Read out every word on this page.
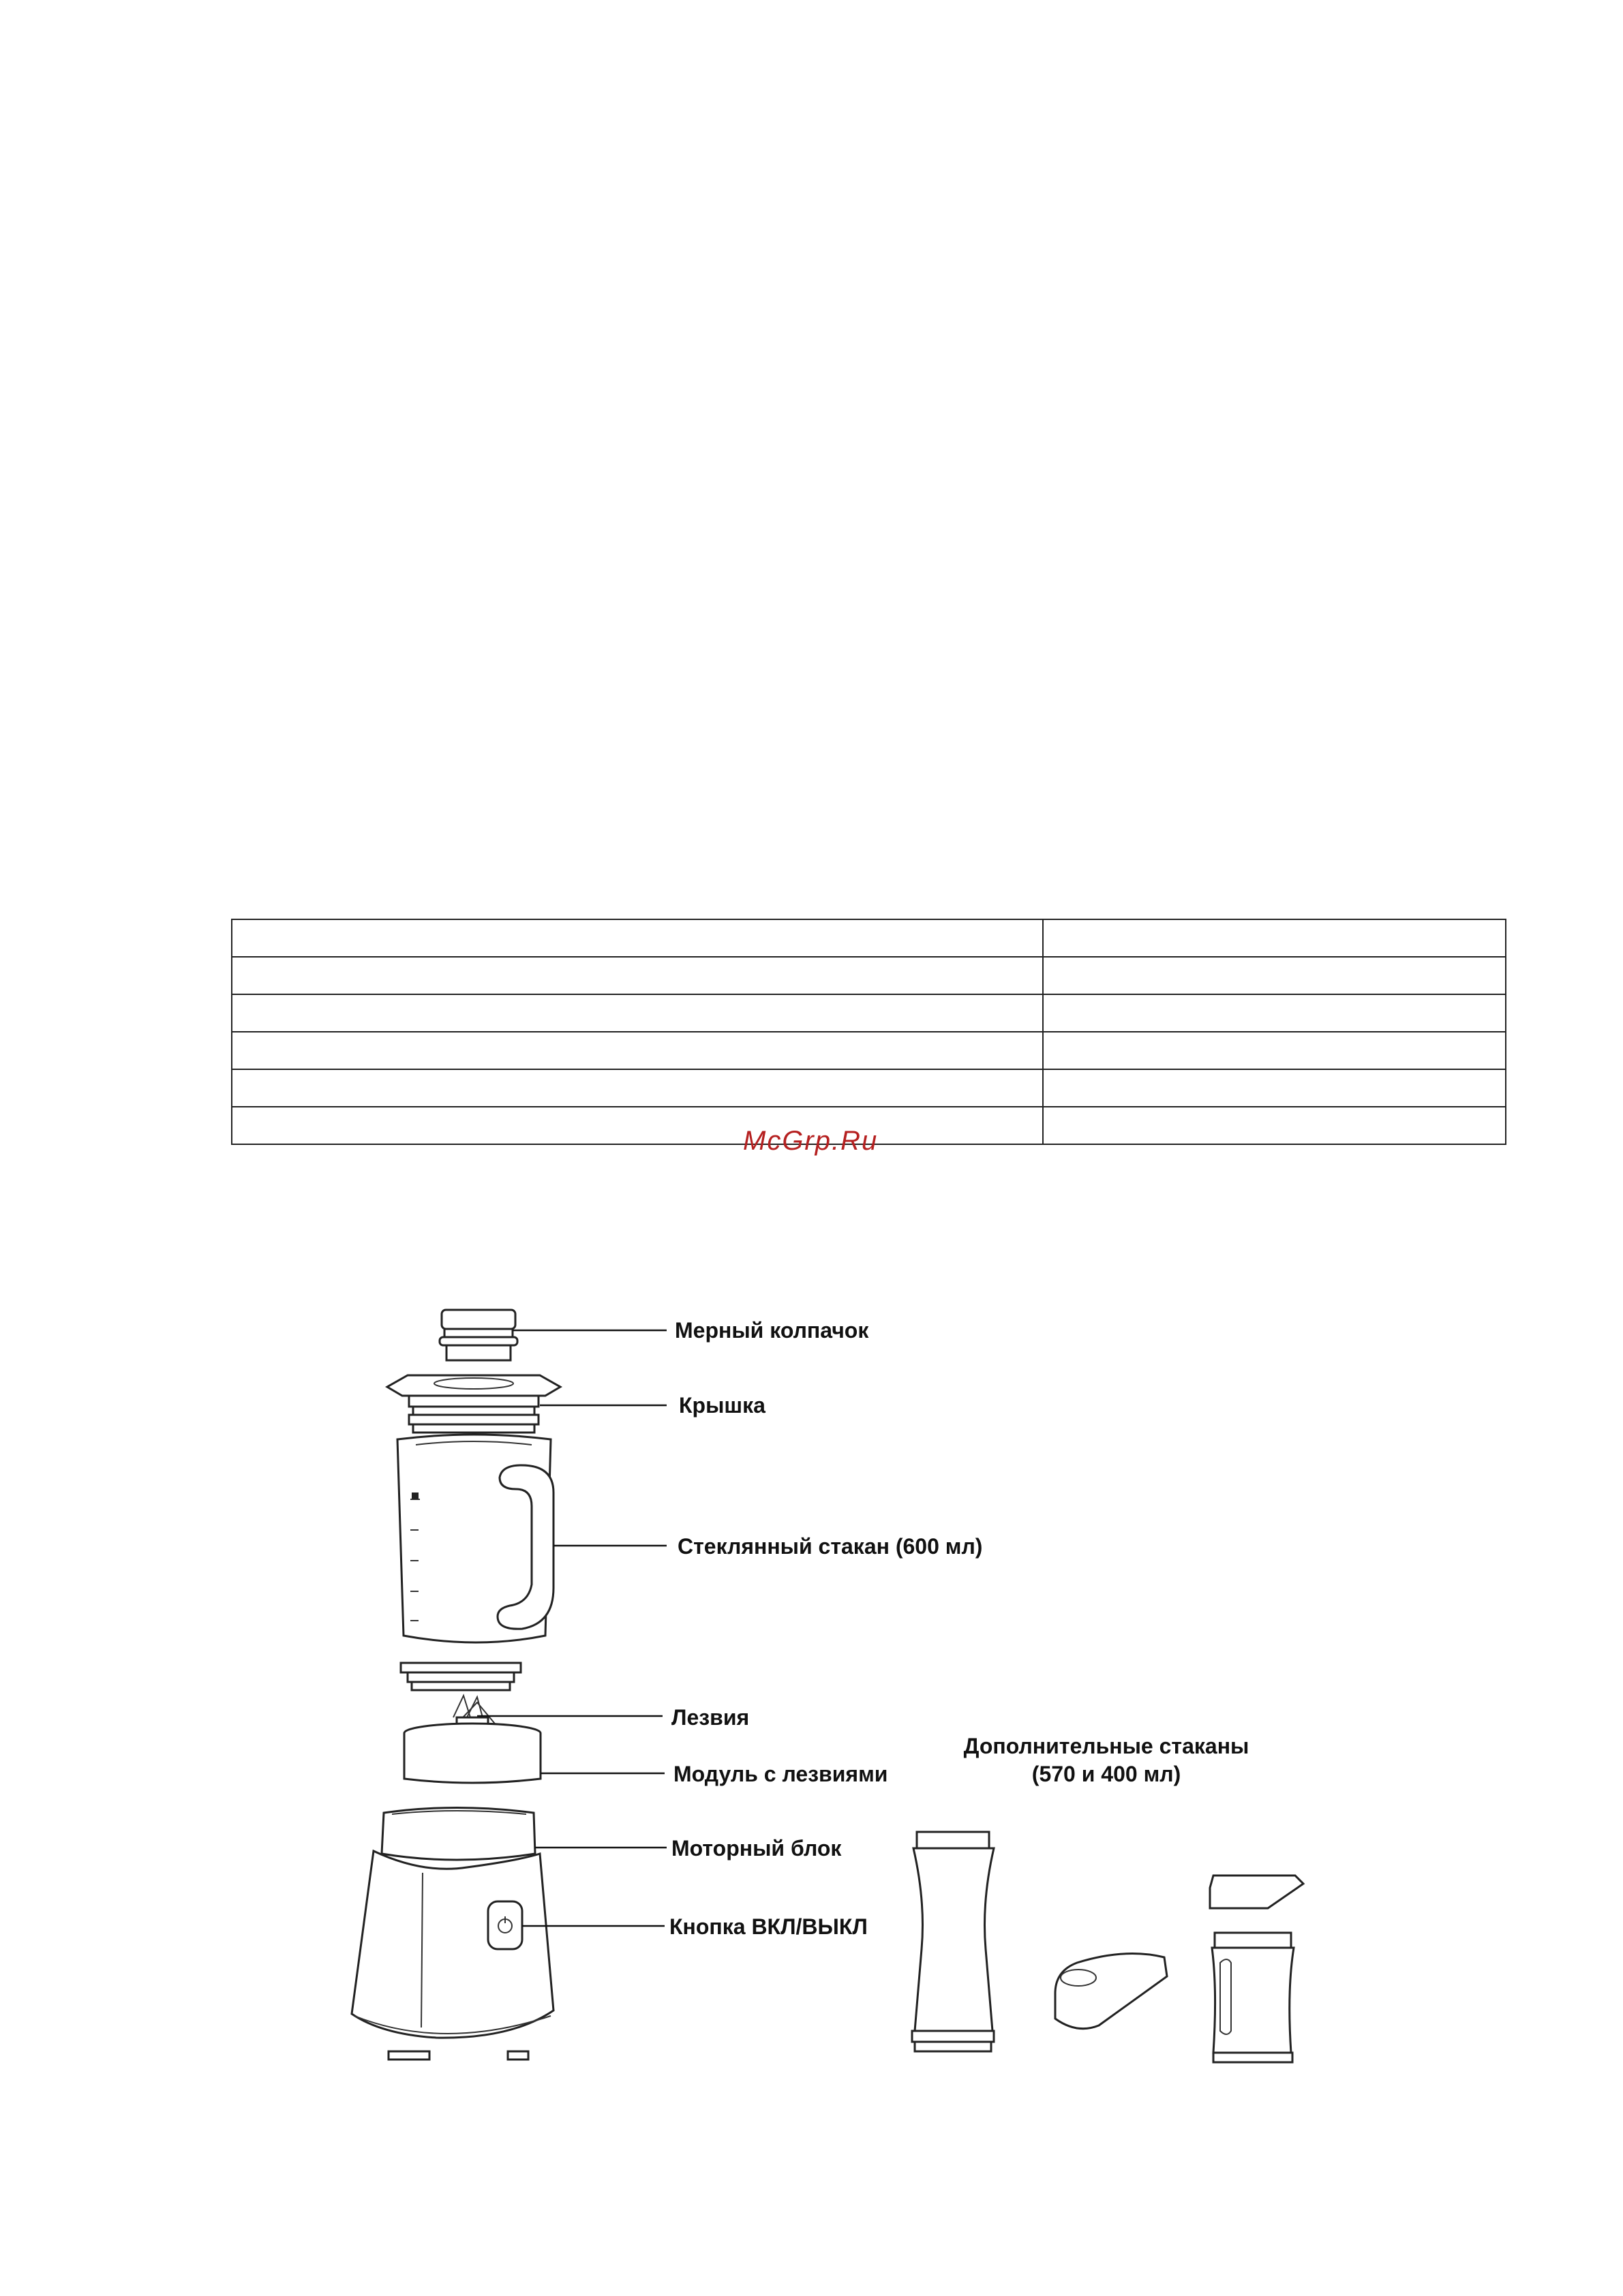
McGrp.Ru
Мерный колпачок
Крышка
Стеклянный стакан (600 мл)
Лезвия
Модуль с лезвиями
Моторный блок
Кнопка ВКЛ/ВЫКЛ
Дополнительные стаканы
(570 и 400 мл)
